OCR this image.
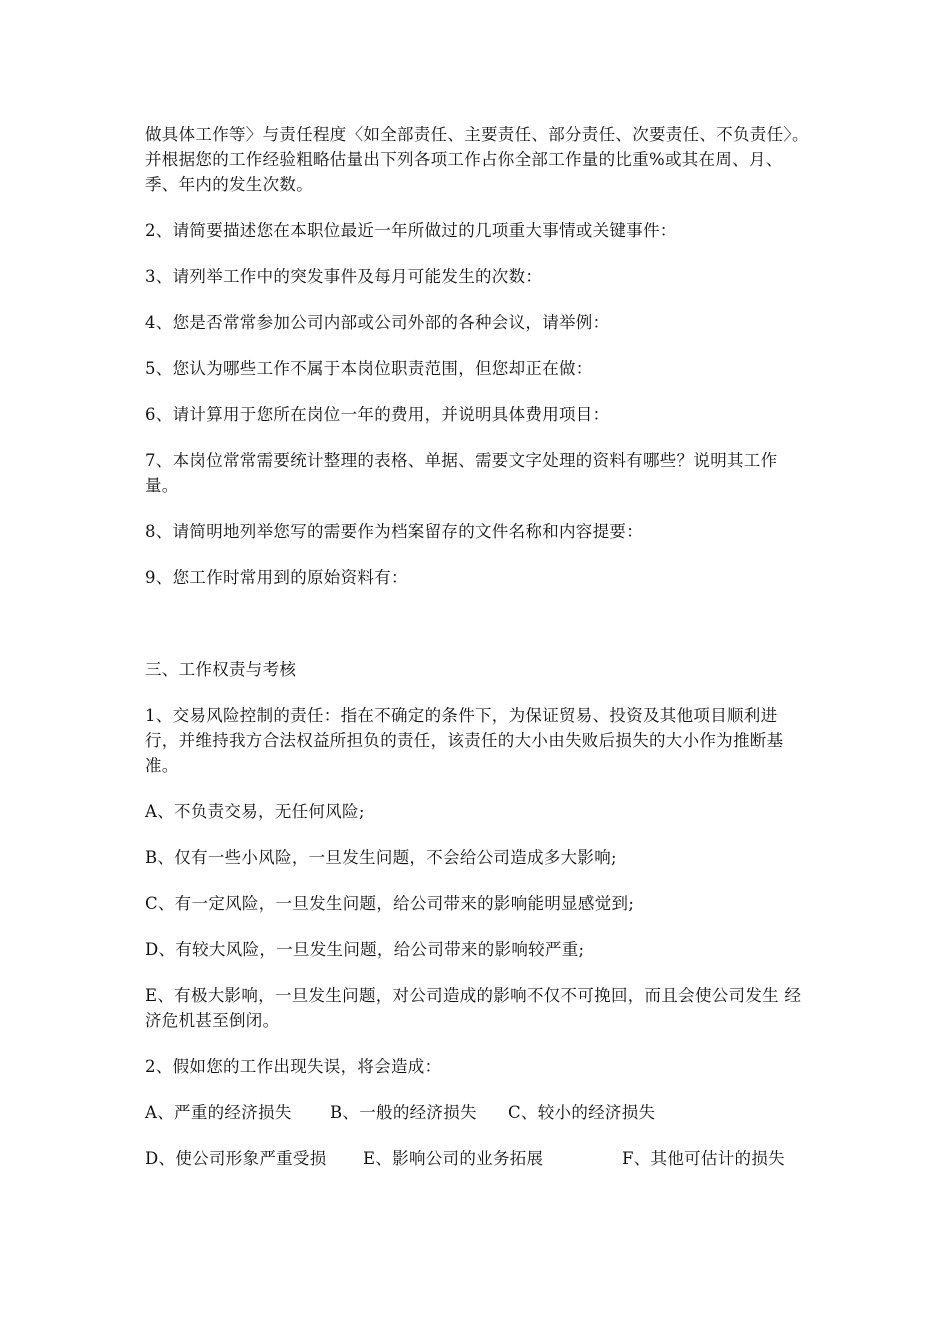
做具体工作等〉与责任程度〈如全部责任、主要责任、部分责任、次要责任、不负责任〉。并根据您的工作经验粗略估量出下列各项工作占你全部工作量的比重%或其在周、月、季、年内的发生次数。

2、请简要描述您在本职位最近一年所做过的几项重大事情或关键事件：

3、请列举工作中的突发事件及每月可能发生的次数：

4、您是否常常参加公司内部或公司外部的各种会议，请举例：

5、您认为哪些工作不属于本岗位职责范围，但您却正在做：

6、请计算用于您所在岗位一年的费用，并说明具体费用项目：

7、本岗位常常需要统计整理的表格、单据、需要文字处理的资料有哪些？说明其工作量。

8、请简明地列举您写的需要作为档案留存的文件名称和内容提要：

9、您工作时常用到的原始资料有：

三、工作权责与考核

1、交易风险控制的责任：指在不确定的条件下，为保证贸易、投资及其他项目顺利进行，并维持我方合法权益所担负的责任，该责任的大小由失败后损失的大小作为推断基准。

A、不负责交易，无任何风险;

B、仅有一些小风险，一旦发生问题，不会给公司造成多大影响;

C、有一定风险，一旦发生问题，给公司带来的影响能明显感觉到;

D、有较大风险，一旦发生问题，给公司带来的影响较严重;

E、有极大影响，一旦发生问题，对公司造成的影响不仅不可挽回，而且会使公司发生 经济危机甚至倒闭。

2、假如您的工作出现失误，将会造成：

A、严重的经济损失	B、一般的经济损失	C、较小的经济损失
D、使公司形象严重受损	E、影响公司的业务拓展	F、其他可估计的损失
